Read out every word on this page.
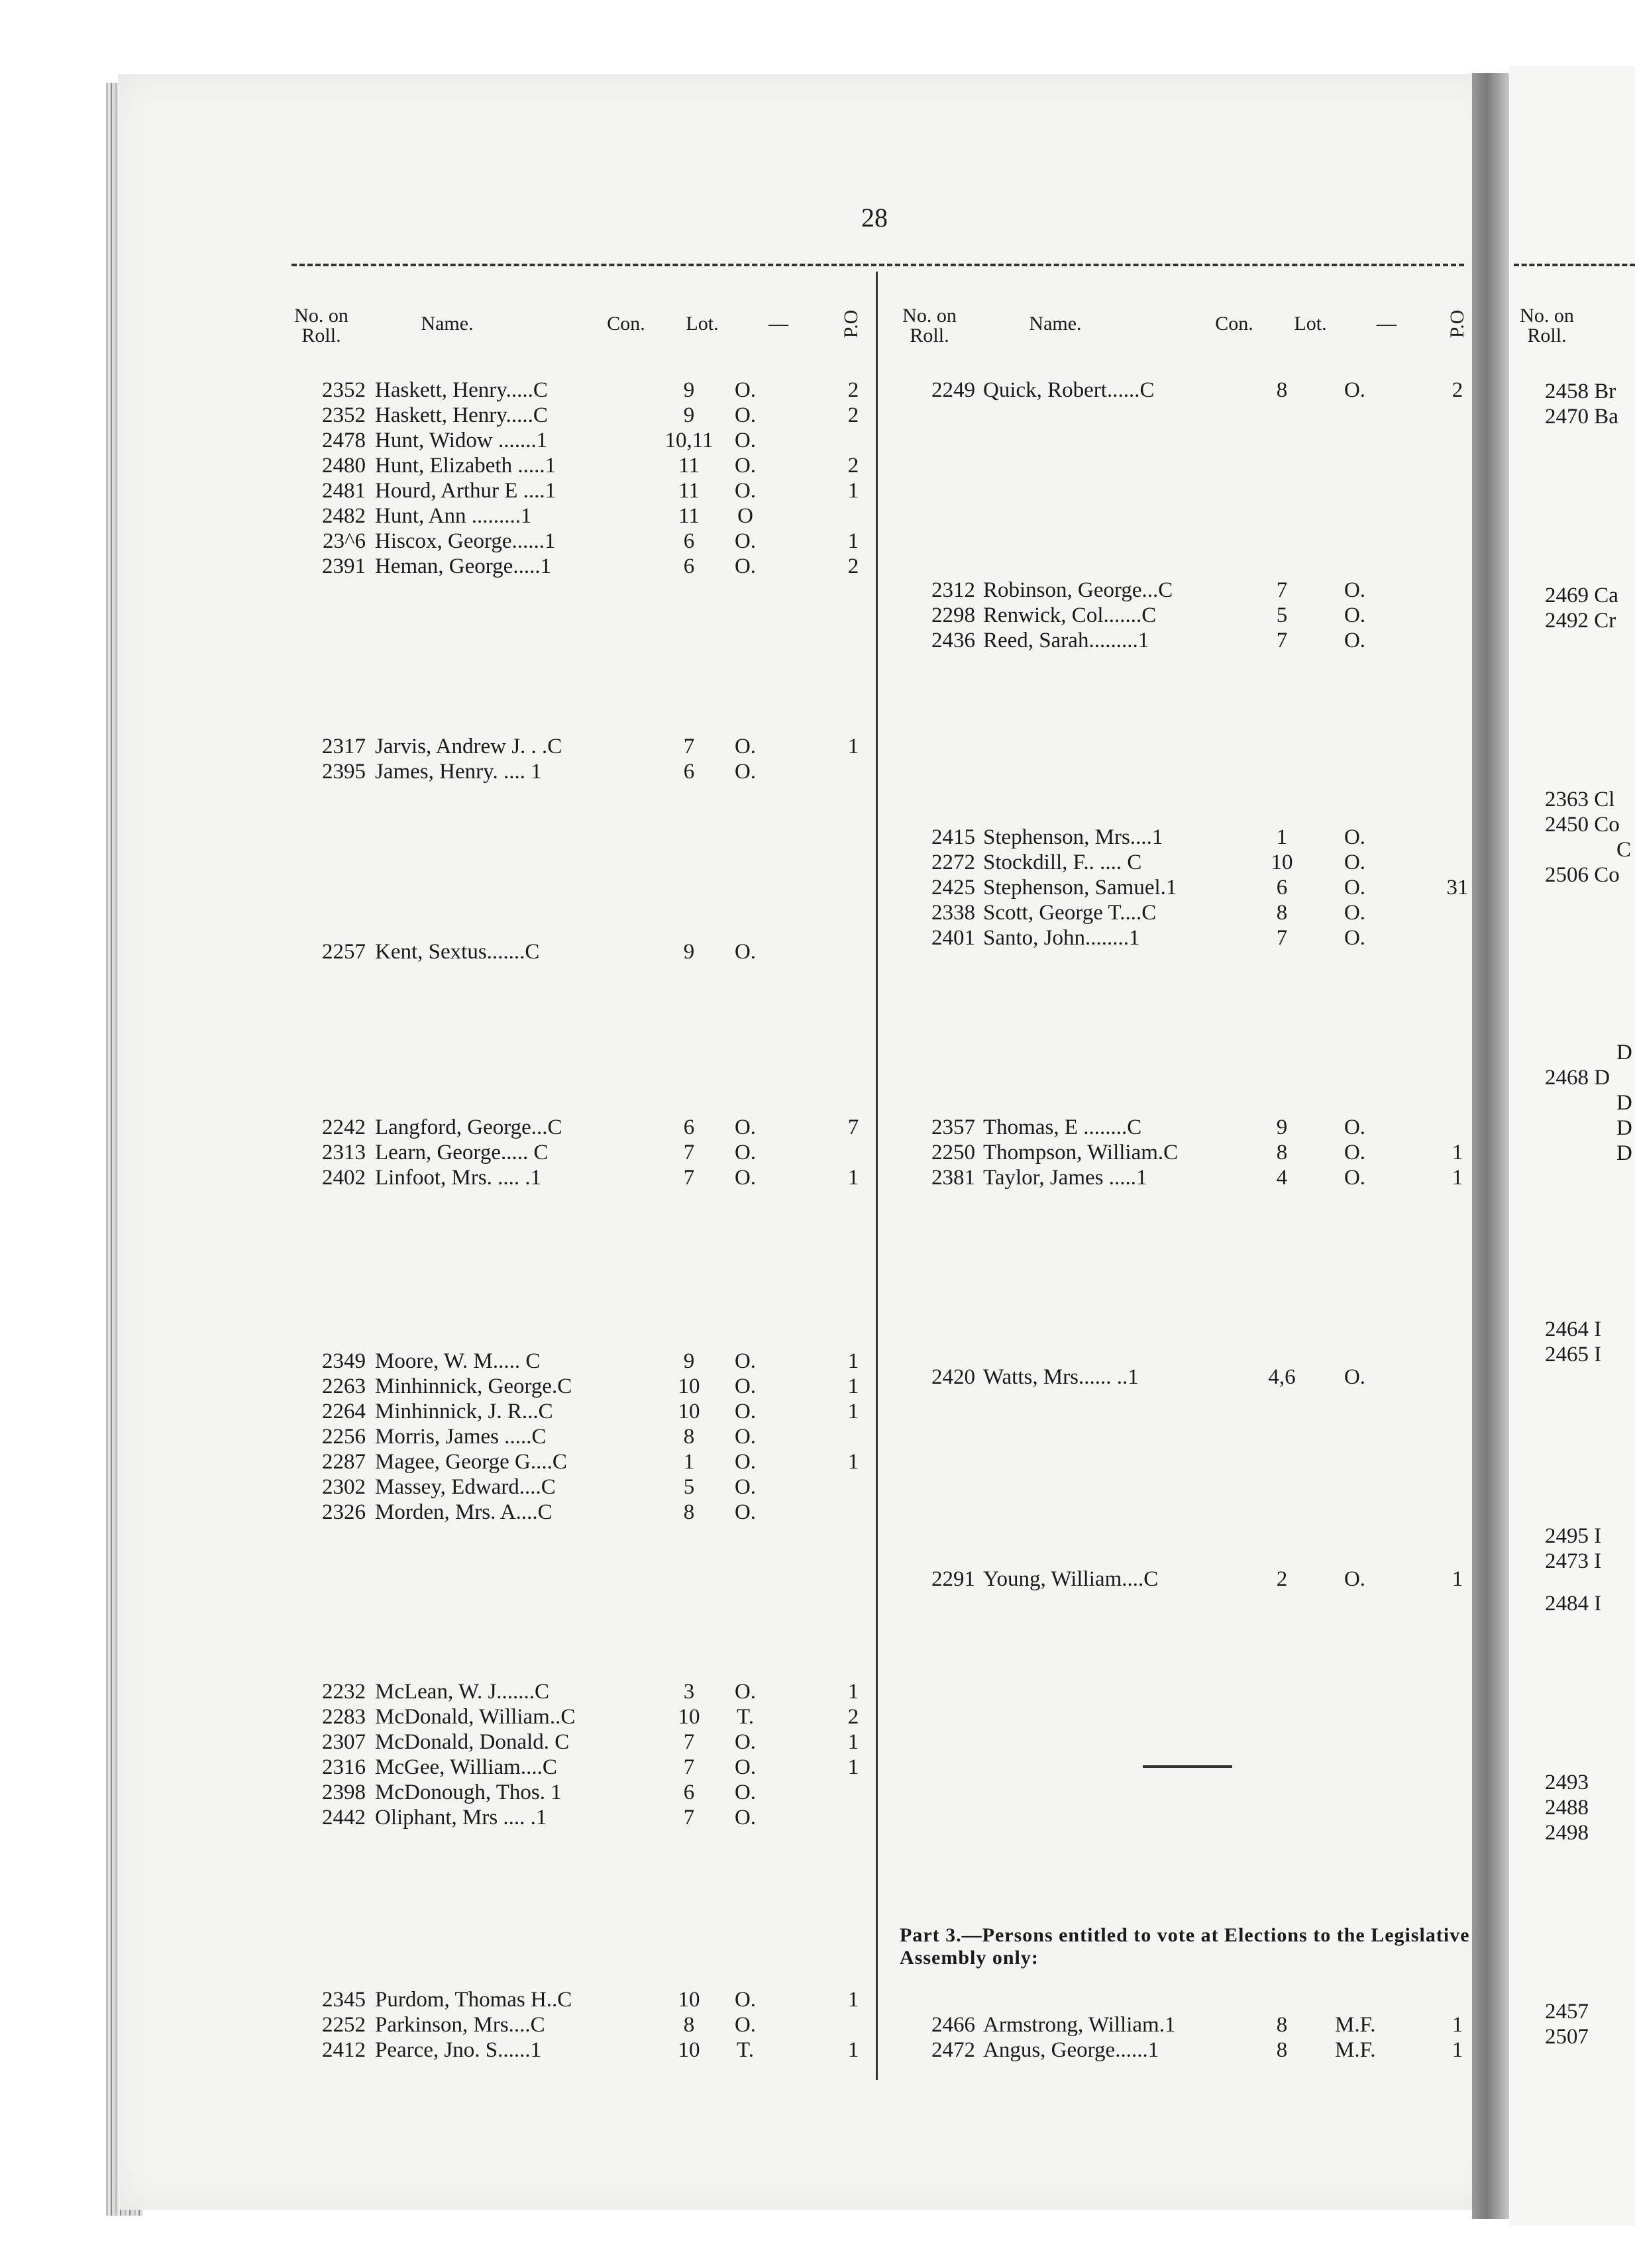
28
No. on Roll.
Name.	Con.	Lot.	—	P.O	No. on Roll.
Name.	Con.	Lot.	—	P.O	No. on Roll.
2352 Haskett, Henry.....C	9	O.	2
2352 Haskett, Henry.....C	9	O.	2
2478 Hunt, Widow .......1	10,11 O.
2480 Hunt, Elizabeth .....1	11	O.	2
2481 Hourd, Arthur E ....1	11	O.	1
2482 Hunt, Ann .........1	11	O
23^6 Hiscox, George......1	6	O.	1
2391 Heman, George.....1	6	O.	2
2317 Jarvis, Andrew J. . .C	7	O.	1
2395 James, Henry. .... 1	6	O.
2257 Kent, Sextus.......C	9	O.
2242 Langford, George...C	6	O.	7
2313 Learn, George..... C	7	O.
2402 Linfoot, Mrs. .... .1	7	O.	1
2349 Moore, W. M..... C	9	O.	1
2263 Minhinnick, George.C	10	O.	1
2264 Minhinnick, J. R...C	10	O.	1
2256 Morris, James .....C	8	O.
2287 Magee, George G....C	1	O.	1
2302 Massey, Edward....C	5	O.
2326 Morden, Mrs. A....C	8	O.
2232 McLean, W. J.......C	3	O.	1
2283 McDonald, William..C	10	T.	2
2307 McDonald, Donald. C	7	O.	1
2316 McGee, William....C	7	O.	1
2398 McDonough, Thos. 1	6	O.
2442 Oliphant, Mrs .... .1	7	O.
2345 Purdom, Thomas H..C	10	O.	1
2252 Parkinson, Mrs....C	8	O.
2412 Pearce, Jno. S......1	10	T.	1
2249 Quick, Robert......C	8	O.	2
2312 Robinson, George...C	7	O.
2298 Renwick, Col.......C	5	O.
2436 Reed, Sarah.........1	7	O.
2415 Stephenson, Mrs....1	1	O.
2272 Stockdill, F.. .... C	10	O.
2425 Stephenson, Samuel.1	6	O.	31
2338 Scott, George T....C	8	O.
2401 Santo, John........1	7	O.
2357 Thomas, E ........C	9	O.
2250 Thompson, William.C	8	O.	1
2381 Taylor, James .....1	4	O.	1
2420 Watts, Mrs...... ..1	4,6	O.
2291 Young, William....C	2	O.	1
2466 Armstrong, William.1	8	M.F.	1
2472 Angus, George......1	8	M.F.	1
Part 3.—Persons entitled to vote at Elections to the Legislative Assembly only:
2458 Br
2470 Ba
2469 Ca
2492 Cr
2363 Cl
2450 Co
C
2506 Co
D
2468 D
D
D
D
2464 I
2465 I
2495 I
2473 I
2484 I
2493
2488
2498
2457
2507
